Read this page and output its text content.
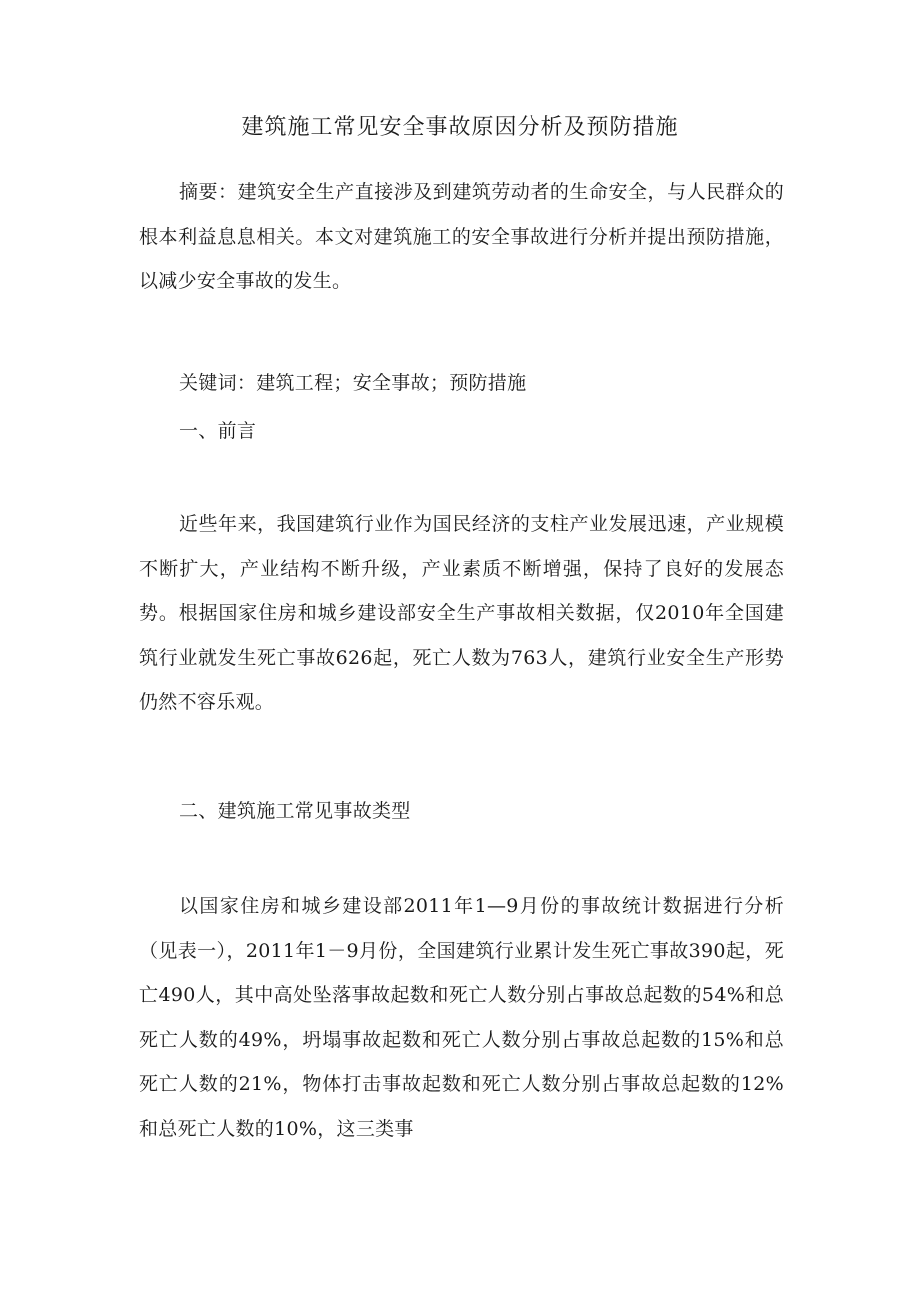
建筑施工常见安全事故原因分析及预防措施

摘要：建筑安全生产直接涉及到建筑劳动者的生命安全，与人民群众的根本利益息息相关。本文对建筑施工的安全事故进行分析并提出预防措施，以减少安全事故的发生。

关键词：建筑工程；安全事故；预防措施

一、前言

近些年来，我国建筑行业作为国民经济的支柱产业发展迅速，产业规模不断扩大，产业结构不断升级，产业素质不断增强，保持了良好的发展态势。根据国家住房和城乡建设部安全生产事故相关数据，仅2010年全国建筑行业就发生死亡事故626起，死亡人数为763人，建筑行业安全生产形势仍然不容乐观。

二、建筑施工常见事故类型

以国家住房和城乡建设部2011年1—9月份的事故统计数据进行分析（见表一），2011年1－9月份，全国建筑行业累计发生死亡事故390起，死亡490人，其中高处坠落事故起数和死亡人数分别占事故总起数的54%和总死亡人数的49%，坍塌事故起数和死亡人数分别占事故总起数的15%和总死亡人数的21%，物体打击事故起数和死亡人数分别占事故总起数的12%和总死亡人数的10%，这三类事
